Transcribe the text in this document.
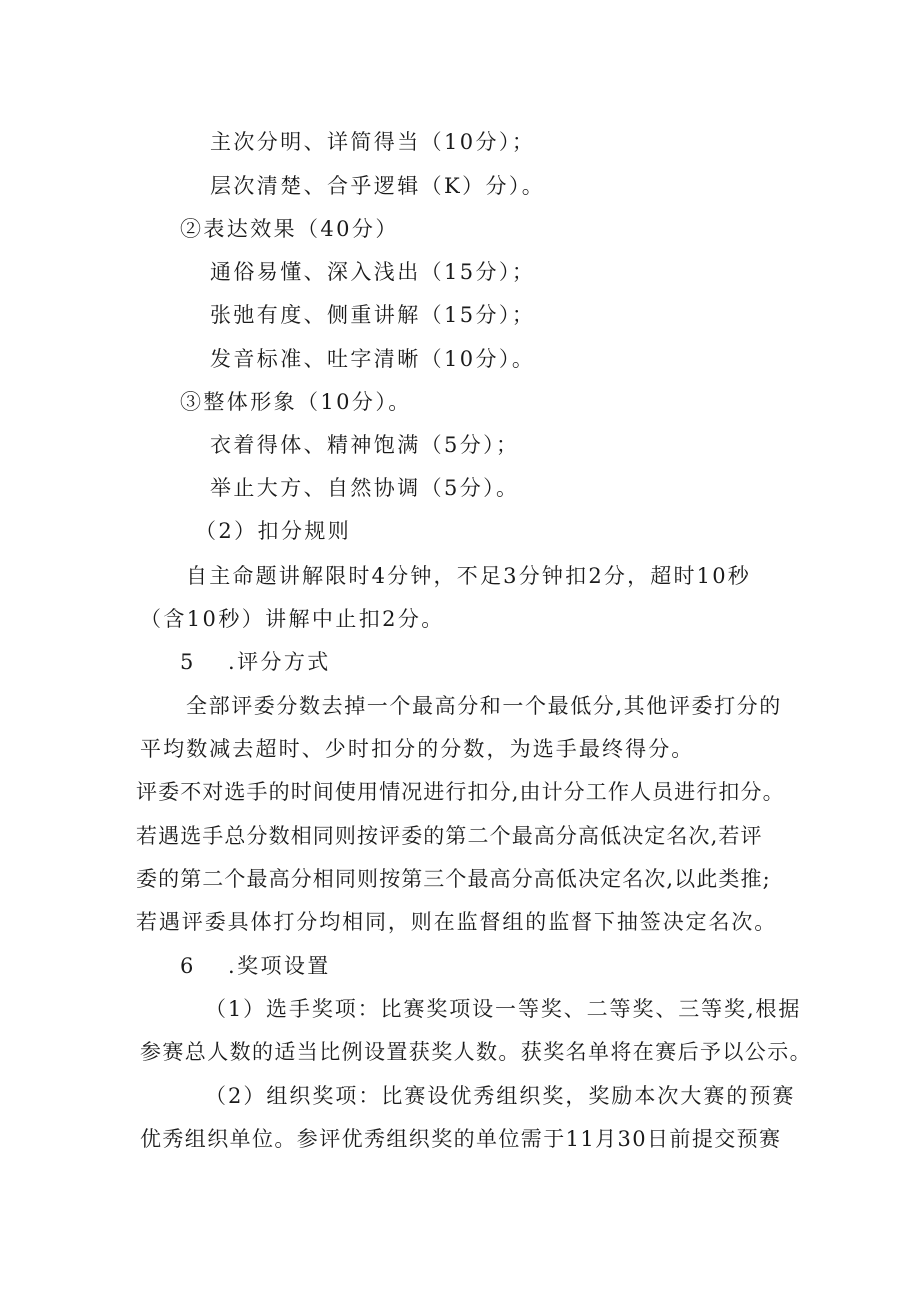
主次分明、详简得当（10分）；
层次清楚、合乎逻辑（K）分）。
②表达效果（40分）
通俗易懂、深入浅出（15分）；
张弛有度、侧重讲解（15分）；
发音标准、吐字清晰（10分）。
③整体形象（10分）。
衣着得体、精神饱满（5分）；
举止大方、自然协调（5分）。
（2）扣分规则
自主命题讲解限时4分钟，不足3分钟扣2分，超时10秒
（含10秒）讲解中止扣2分。
5 .评分方式
全部评委分数去掉一个最高分和一个最低分,其他评委打分的
平均数减去超时、少时扣分的分数，为选手最终得分。
评委不对选手的时间使用情况进行扣分,由计分工作人员进行扣分。
若遇选手总分数相同则按评委的第二个最高分高低决定名次,若评
委的第二个最高分相同则按第三个最高分高低决定名次,以此类推;
若遇评委具体打分均相同，则在监督组的监督下抽签决定名次。
6 .奖项设置
（1）选手奖项：比赛奖项设一等奖、二等奖、三等奖,根据
参赛总人数的适当比例设置获奖人数。获奖名单将在赛后予以公示。
（2）组织奖项：比赛设优秀组织奖，奖励本次大赛的预赛
优秀组织单位。参评优秀组织奖的单位需于11月30日前提交预赛
